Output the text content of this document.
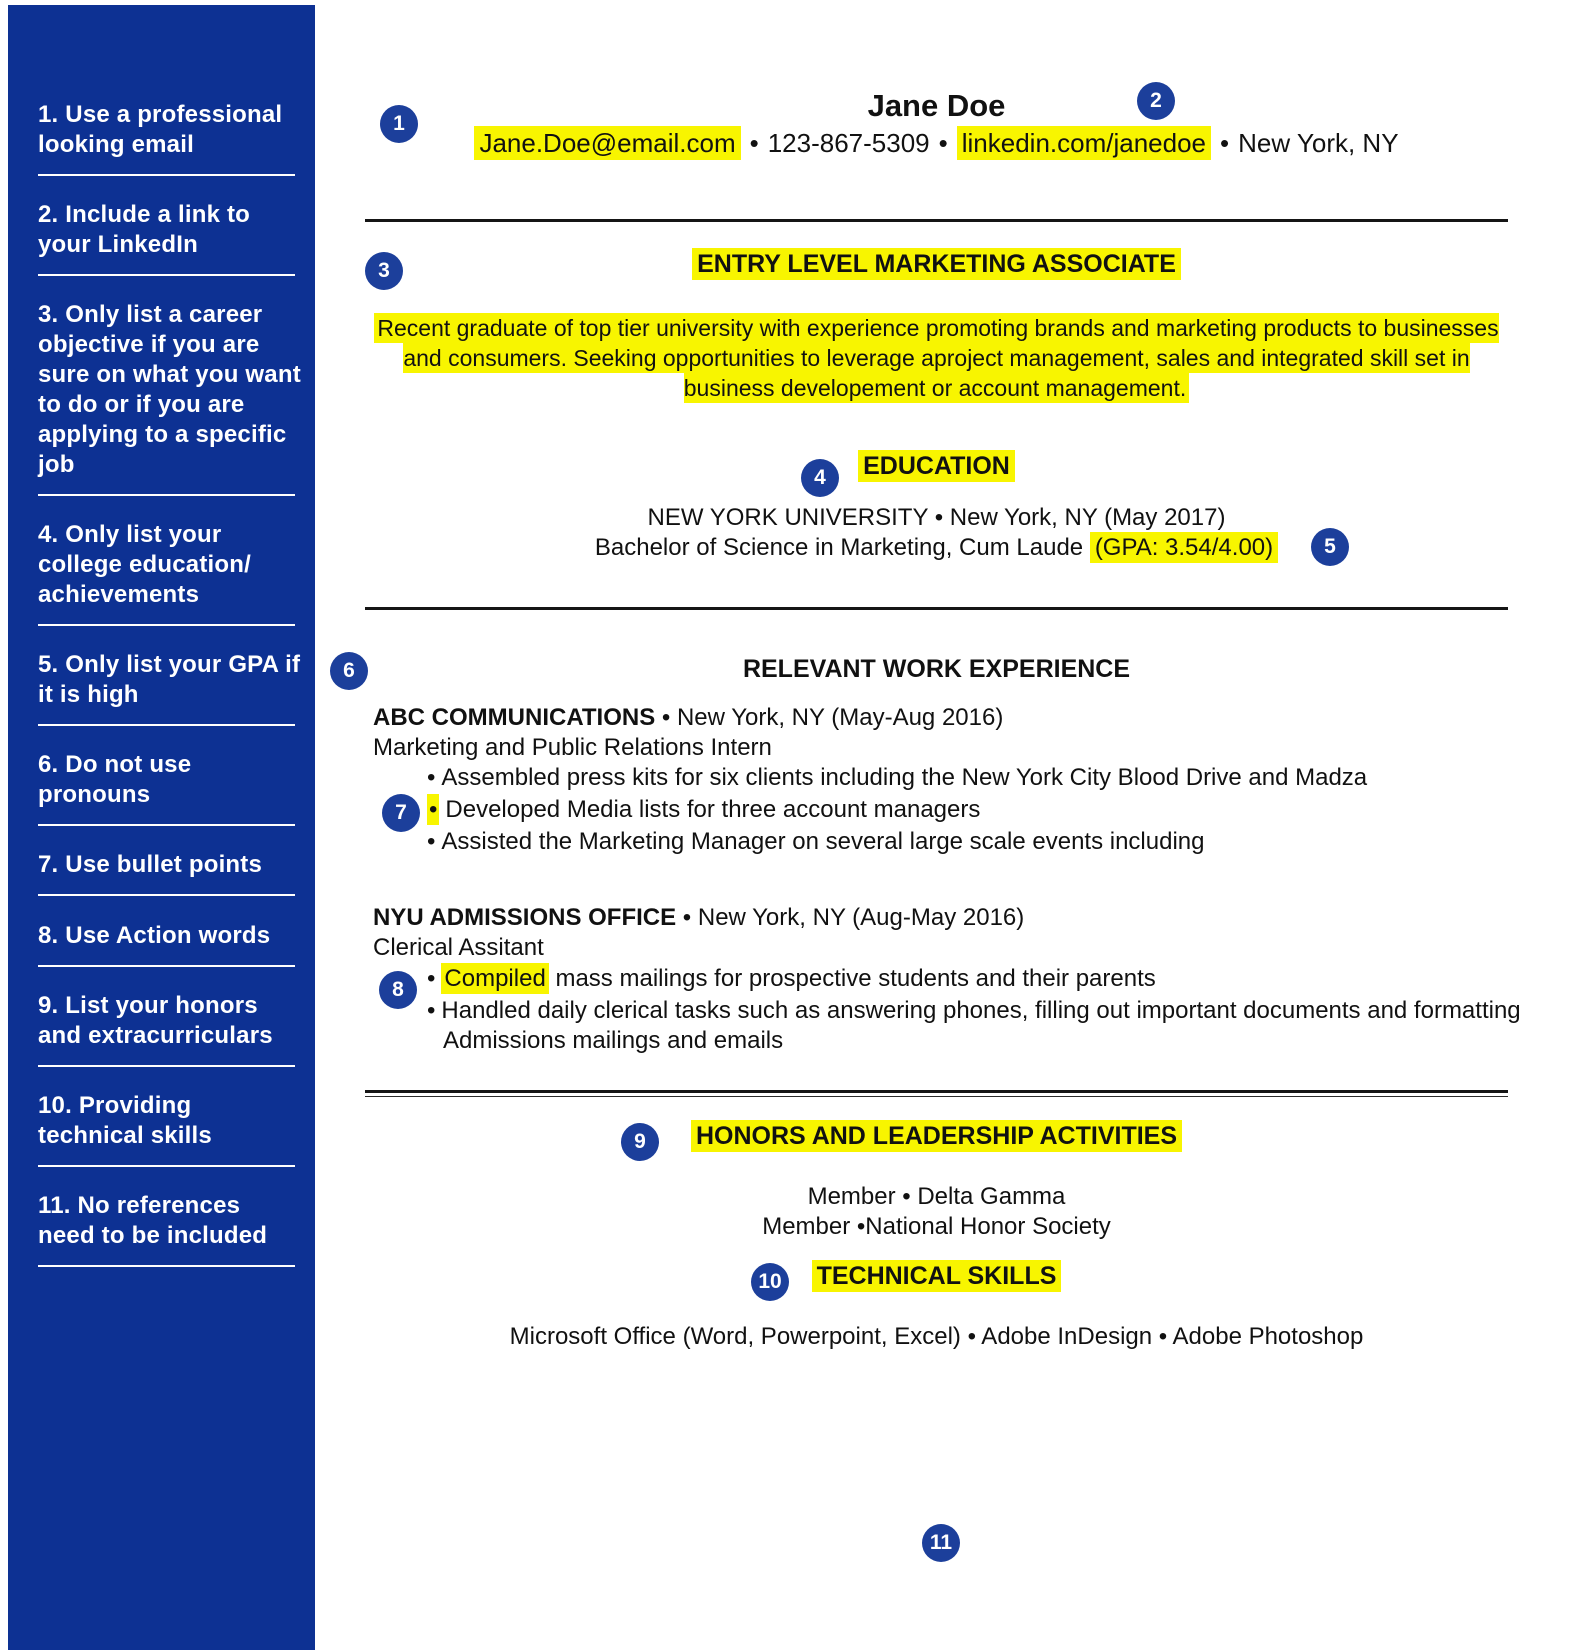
1. Use a professional looking email
2. Include a link to your LinkedIn
3. Only list a career objective if you are sure on what you want to do or if you are applying to a specific job
4. Only list your college education/ achievements
5. Only list your GPA if it is high
6. Do not use pronouns
7. Use bullet points
8. Use Action words
9. List your honors and extracurriculars
10. Providing technical skills
11. No references need to be included
Jane Doe
Jane.Doe@email.com • 123-867-5309 • linkedin.com/janedoe • New York, NY
ENTRY LEVEL MARKETING ASSOCIATE
Recent graduate of top tier university with experience promoting brands and marketing products to businesses and consumers. Seeking opportunities to leverage aproject management, sales and integrated skill set in business developement or account management.
EDUCATION
NEW YORK UNIVERSITY • New York, NY (May 2017)
Bachelor of Science in Marketing, Cum Laude (GPA: 3.54/4.00)
RELEVANT WORK EXPERIENCE
ABC COMMUNICATIONS • New York, NY (May-Aug 2016)
Marketing and Public Relations Intern
• Assembled press kits for six clients including the New York City Blood Drive and Madza
• Developed Media lists for three account managers
• Assisted the Marketing Manager on several large scale events including
NYU ADMISSIONS OFFICE • New York, NY (Aug-May 2016)
Clerical Assitant
• Compiled mass mailings for prospective students and their parents
• Handled daily clerical tasks such as answering phones, filling out important documents and formatting Admissions mailings and emails
HONORS AND LEADERSHIP ACTIVITIES
Member • Delta Gamma
Member •National Honor Society
TECHNICAL SKILLS
Microsoft Office (Word, Powerpoint, Excel) • Adobe InDesign • Adobe Photoshop
1
2
3
4
5
6
7
8
9
10
11
